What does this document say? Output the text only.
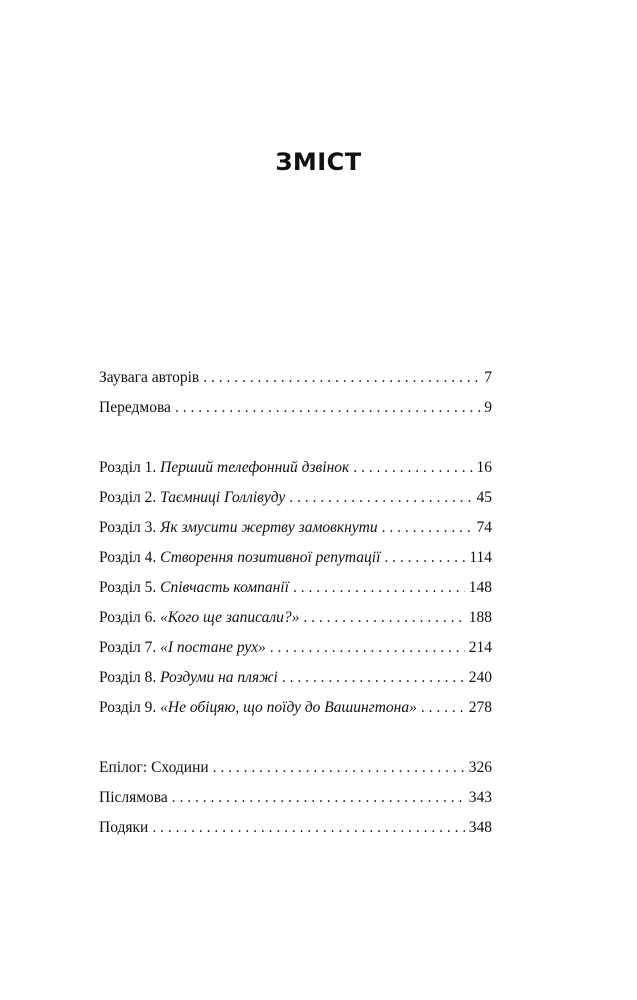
ЗМІСТ
Заувага авторів . . .	7
Передмова . . .	9
Розділ 1. Перший телефонний дзвінок . . .	16
Розділ 2. Таємниці Голлівуду . . .	45
Розділ 3. Як змусити жертву замовкнути . . .	74
Розділ 4. Створення позитивної репутації . . .	114
Розділ 5. Співчасть компанії . . .	148
Розділ 6. «Кого ще записали?» . . .	188
Розділ 7. «І постане рух» . . .	214
Розділ 8. Роздуми на пляжі . . .	240
Розділ 9. «Не обіцяю, що поїду до Вашингтона» . . .	278
Епілог: Сходини . . .	326
Післямова . . .	343
Подяки . . .	348
